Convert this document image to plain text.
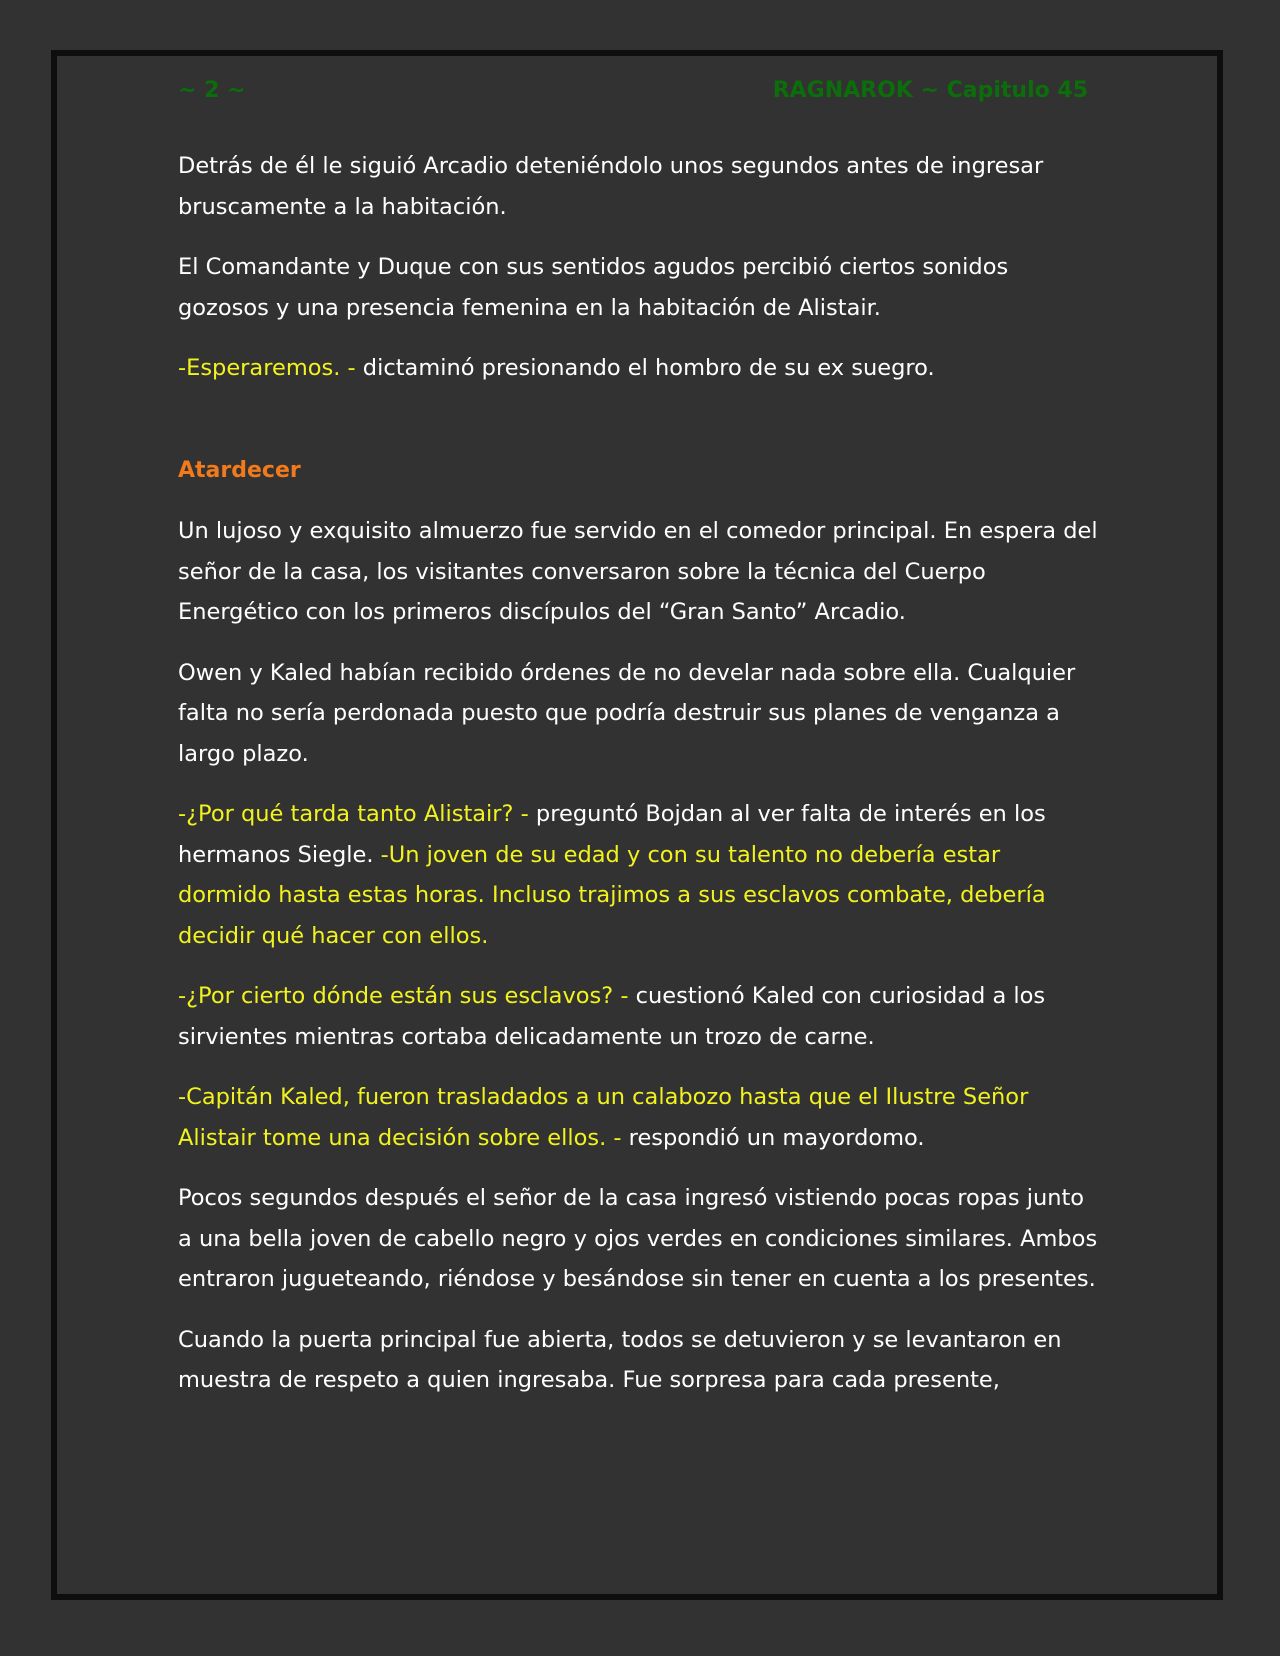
~ 2 ~	RAGNAROK ~ Capitulo 45

Detrás de él le siguió Arcadio deteniéndolo unos segundos antes de ingresar bruscamente a la habitación.

El Comandante y Duque con sus sentidos agudos percibió ciertos sonidos gozosos y una presencia femenina en la habitación de Alistair.

-Esperaremos. - dictaminó presionando el hombro de su ex suegro.

Atardecer

Un lujoso y exquisito almuerzo fue servido en el comedor principal. En espera del señor de la casa, los visitantes conversaron sobre la técnica del Cuerpo Energético con los primeros discípulos del “Gran Santo” Arcadio.

Owen y Kaled habían recibido órdenes de no develar nada sobre ella. Cualquier falta no sería perdonada puesto que podría destruir sus planes de venganza a largo plazo.

-¿Por qué tarda tanto Alistair? - preguntó Bojdan al ver falta de interés en los hermanos Siegle. -Un joven de su edad y con su talento no debería estar dormido hasta estas horas. Incluso trajimos a sus esclavos combate, debería decidir qué hacer con ellos.

-¿Por cierto dónde están sus esclavos? - cuestionó Kaled con curiosidad a los sirvientes mientras cortaba delicadamente un trozo de carne.

-Capitán Kaled, fueron trasladados a un calabozo hasta que el Ilustre Señor Alistair tome una decisión sobre ellos. - respondió un mayordomo.

Pocos segundos después el señor de la casa ingresó vistiendo pocas ropas junto a una bella joven de cabello negro y ojos verdes en condiciones similares. Ambos entraron jugueteando, riéndose y besándose sin tener en cuenta a los presentes.

Cuando la puerta principal fue abierta, todos se detuvieron y se levantaron en muestra de respeto a quien ingresaba. Fue sorpresa para cada presente,
